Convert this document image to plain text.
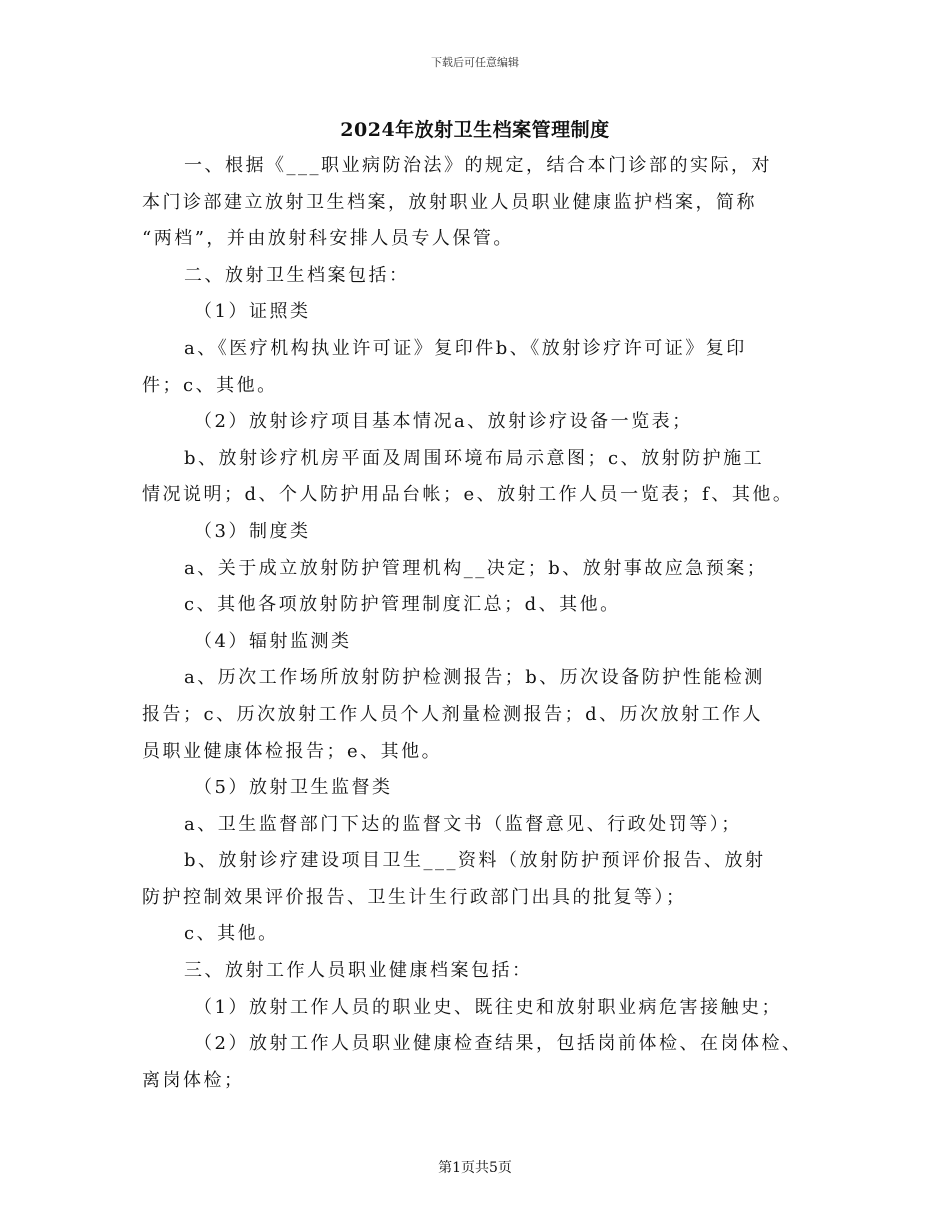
下载后可任意编辑
2024年放射卫生档案管理制度

一、根据《___职业病防治法》的规定，结合本门诊部的实际，对

本门诊部建立放射卫生档案，放射职业人员职业健康监护档案，简称

“两档”，并由放射科安排人员专人保管。

二、放射卫生档案包括：

（1）证照类

a、《医疗机构执业许可证》复印件b、《放射诊疗许可证》复印

件；c、其他。

（2）放射诊疗项目基本情况a、放射诊疗设备一览表；

b、放射诊疗机房平面及周围环境布局示意图；c、放射防护施工

情况说明；d、个人防护用品台帐；e、放射工作人员一览表；f、其他。

（3）制度类

a、关于成立放射防护管理机构__决定；b、放射事故应急预案；

c、其他各项放射防护管理制度汇总；d、其他。

（4）辐射监测类

a、历次工作场所放射防护检测报告；b、历次设备防护性能检测

报告；c、历次放射工作人员个人剂量检测报告；d、历次放射工作人

员职业健康体检报告；e、其他。

（5）放射卫生监督类

a、卫生监督部门下达的监督文书（监督意见、行政处罚等）；

b、放射诊疗建设项目卫生___资料（放射防护预评价报告、放射

防护控制效果评价报告、卫生计生行政部门出具的批复等）；

c、其他。

三、放射工作人员职业健康档案包括：

（1）放射工作人员的职业史、既往史和放射职业病危害接触史；

（2）放射工作人员职业健康检查结果，包括岗前体检、在岗体检、

离岗体检；

第1页共5页
